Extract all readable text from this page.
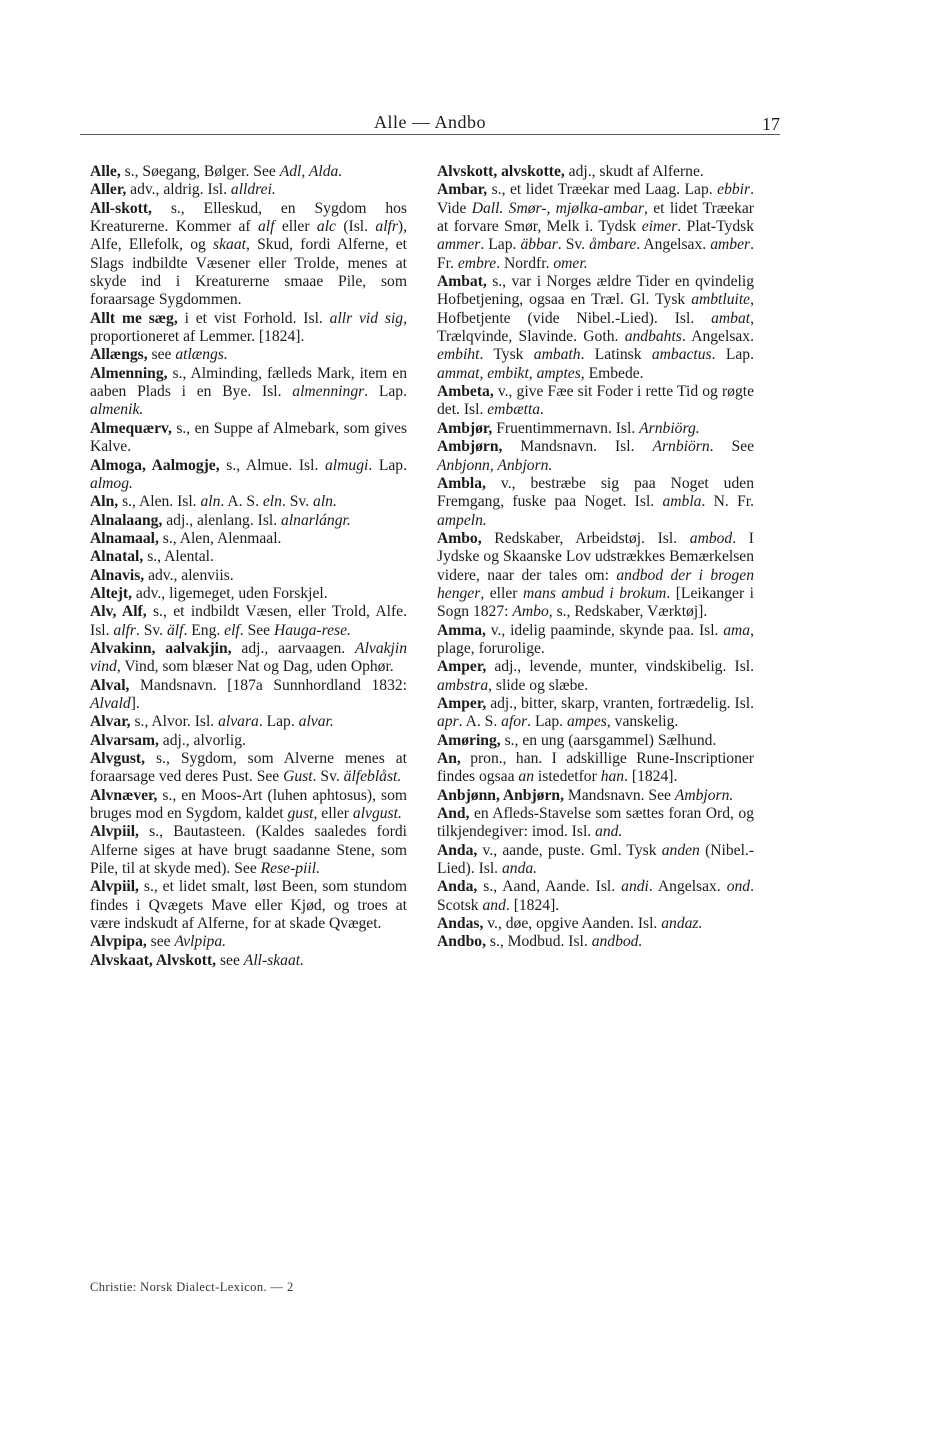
Alle — Andbo	17

Alle, s., Søegang, Bølger. See Adl, Alda.

Aller, adv., aldrig. Isl. alldrei.

All-skott, s., Elleskud, en Sygdom hos Kreaturerne. Kommer af alf eller alc (Isl. alfr), Alfe, Ellefolk, og skaat, Skud, fordi Alferne, et Slags indbildte Væsener eller Trolde, menes at skyde ind i Kreaturerne smaae Pile, som foraarsage Sygdommen.

Allt me sæg, i et vist Forhold. Isl. allr vid sig, proportioneret af Lemmer. [1824].

Allængs, see atlængs.

Almenning, s., Alminding, fælleds Mark, item en aaben Plads i en Bye. Isl. almenningr. Lap. almenik.

Almequærv, s., en Suppe af Almebark, som gives Kalve.

Almoga, Aalmogje, s., Almue. Isl. almugi. Lap. almog.

Aln, s., Alen. Isl. aln. A. S. eln. Sv. aln.

Alnalaang, adj., alenlang. Isl. alnarlángr.

Alnamaal, s., Alen, Alenmaal.

Alnatal, s., Alental.

Alnavis, adv., alenviis.

Altejt, adv., ligemeget, uden Forskjel.

Alv, Alf, s., et indbildt Væsen, eller Trold, Alfe. Isl. alfr. Sv. älf. Eng. elf. See Hauga-rese.

Alvakinn, aalvakjin, adj., aarvaagen. Alvakjin vind, Vind, som blæser Nat og Dag, uden Ophør.

Alval, Mandsnavn. [187a Sunnhordland 1832: Alvald].

Alvar, s., Alvor. Isl. alvara. Lap. alvar.

Alvarsam, adj., alvorlig.

Alvgust, s., Sygdom, som Alverne menes at foraarsage ved deres Pust. See Gust. Sv. älfeblåst.

Alvnæver, s., en Moos-Art (luhen aphtosus), som bruges mod en Sygdom, kaldet gust, eller alvgust.

Alvpiil, s., Bautasteen. (Kaldes saaledes fordi Alferne siges at have brugt saadanne Stene, som Pile, til at skyde med). See Rese-piil.

Alvpiil, s., et lidet smalt, løst Been, som stundom findes i Qvægets Mave eller Kjød, og troes at være indskudt af Alferne, for at skade Qvæget.

Alvpipa, see Avlpipa.

Alvskaat, Alvskott, see All-skaat.

Alvskott, alvskotte, adj., skudt af Alferne.

Ambar, s., et lidet Træekar med Laag. Lap. ebbir. Vide Dall. Smør-, mjølka-ambar, et lidet Træekar at forvare Smør, Melk i. Tydsk eimer. Plat-Tydsk ammer. Lap. äbbar. Sv. åmbare. Angelsax. amber. Fr. embre. Nordfr. omer.

Ambat, s., var i Norges ældre Tider en qvindelig Hofbetjening, ogsaa en Træl. Gl. Tysk ambtluite, Hofbetjente (vide Nibel.-Lied). Isl. ambat, Trælqvinde, Slavinde. Goth. andbahts. Angelsax. embiht. Tysk ambath. Latinsk ambactus. Lap. ammat, embikt, amptes, Embede.

Ambeta, v., give Fæe sit Foder i rette Tid og røgte det. Isl. embætta.

Ambjør, Fruentimmernavn. Isl. Arnbiörg.

Ambjørn, Mandsnavn. Isl. Arnbiörn. See Anbjonn, Anbjorn.

Ambla, v., bestræbe sig paa Noget uden Fremgang, fuske paa Noget. Isl. ambla. N. Fr. ampeln.

Ambo, Redskaber, Arbeidstøj. Isl. ambod. I Jydske og Skaanske Lov udstrækkes Bemærkelsen videre, naar der tales om: andbod der i brogen henger, eller mans ambud i brokum. [Leikanger i Sogn 1827: Ambo, s., Redskaber, Værktøj].

Amma, v., idelig paaminde, skynde paa. Isl. ama, plage, forurolige.

Amper, adj., levende, munter, vindskibelig. Isl. ambstra, slide og slæbe.

Amper, adj., bitter, skarp, vranten, fortrædelig. Isl. apr. A. S. afor. Lap. ampes, vanskelig.

Amøring, s., en ung (aarsgammel) Sælhund.

An, pron., han. I adskillige Rune-Inscriptioner findes ogsaa an istedetfor han. [1824].

Anbjønn, Anbjørn, Mandsnavn. See Ambjorn.

And, en Afleds-Stavelse som sættes foran Ord, og tilkjendegiver: imod. Isl. and.

Anda, v., aande, puste. Gml. Tysk anden (Nibel.-Lied). Isl. anda.

Anda, s., Aand, Aande. Isl. andi. Angelsax. ond. Scotsk and. [1824].

Andas, v., døe, opgive Aanden. Isl. andaz.

Andbo, s., Modbud. Isl. andbod.

Christie: Norsk Dialect-Lexicon. — 2
